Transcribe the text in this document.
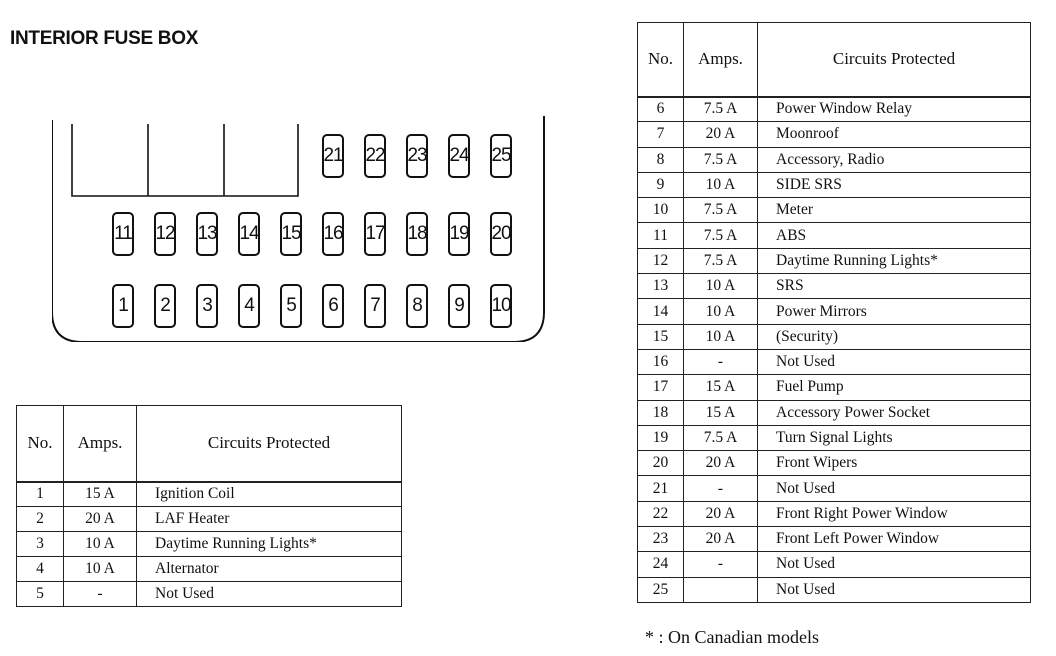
INTERIOR FUSE BOX
21 22 23 24 25
11 12 13 14 15 16 17 18 19 20
1	2	3	4	5	6	7	8	9	10
No.	Amps.	Circuits Protected
1	15 A	Ignition Coil
2	20 A	LAF Heater
3	10 A	Daytime Running Lights*
4	10 A	Alternator
5	-	Not Used
No.	Amps.	Circuits Protected
6	7.5 A	Power Window Relay
7	20 A	Moonroof
8	7.5 A	Accessory, Radio
9	10 A	SIDE SRS
10	7.5 A	Meter
11	7.5 A	ABS
12	7.5 A	Daytime Running Lights*
13	10 A	SRS
14	10 A	Power Mirrors
15	10 A	(Security)
16	-	Not Used
17	15 A	Fuel Pump
18	15 A	Accessory Power Socket
19	7.5 A	Turn Signal Lights
20	20 A	Front Wipers
21	-	Not Used
22	20 A	Front Right Power Window
23	20 A	Front Left Power Window
24	-	Not Used
25		Not Used
* : On Canadian models
